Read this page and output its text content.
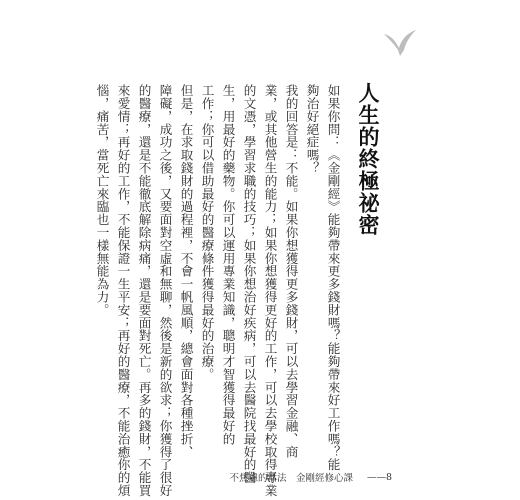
人生的終極祕密
如果你問：《金剛經》能夠帶來更多錢財嗎？能夠帶來好工作嗎？能
夠治好絕症嗎？
我的回答是：不能。如果你想獲得更多錢財，可以去學習金融、商
業，或其他營生的能力；如果你想獲得更好的工作，可以去學校取得專業
的文憑，學習求職的技巧；如果你想治好疾病，可以去醫院找最好的醫
生，用最好的藥物。你可以運用專業知識，聰明才智獲得最好的
工作；你可以借助最好的醫療條件獲得最好的治療。
但是，在求取錢財的過程裡，不會一帆風順，總會面對各種挫折、
障礙，成功之後，又要面對空虛和無聊，然後是新的欲求；你獲得了很好
的醫療，還是不能徹底解除病痛，還是要面對死亡。再多的錢財，不能買
來愛情；再好的工作，不能保證一生平安；再好的醫療，不能治癒你的煩
惱，痛苦，當死亡來臨也一樣無能為力。
不焦慮的活法　金剛經修心課 ——8
